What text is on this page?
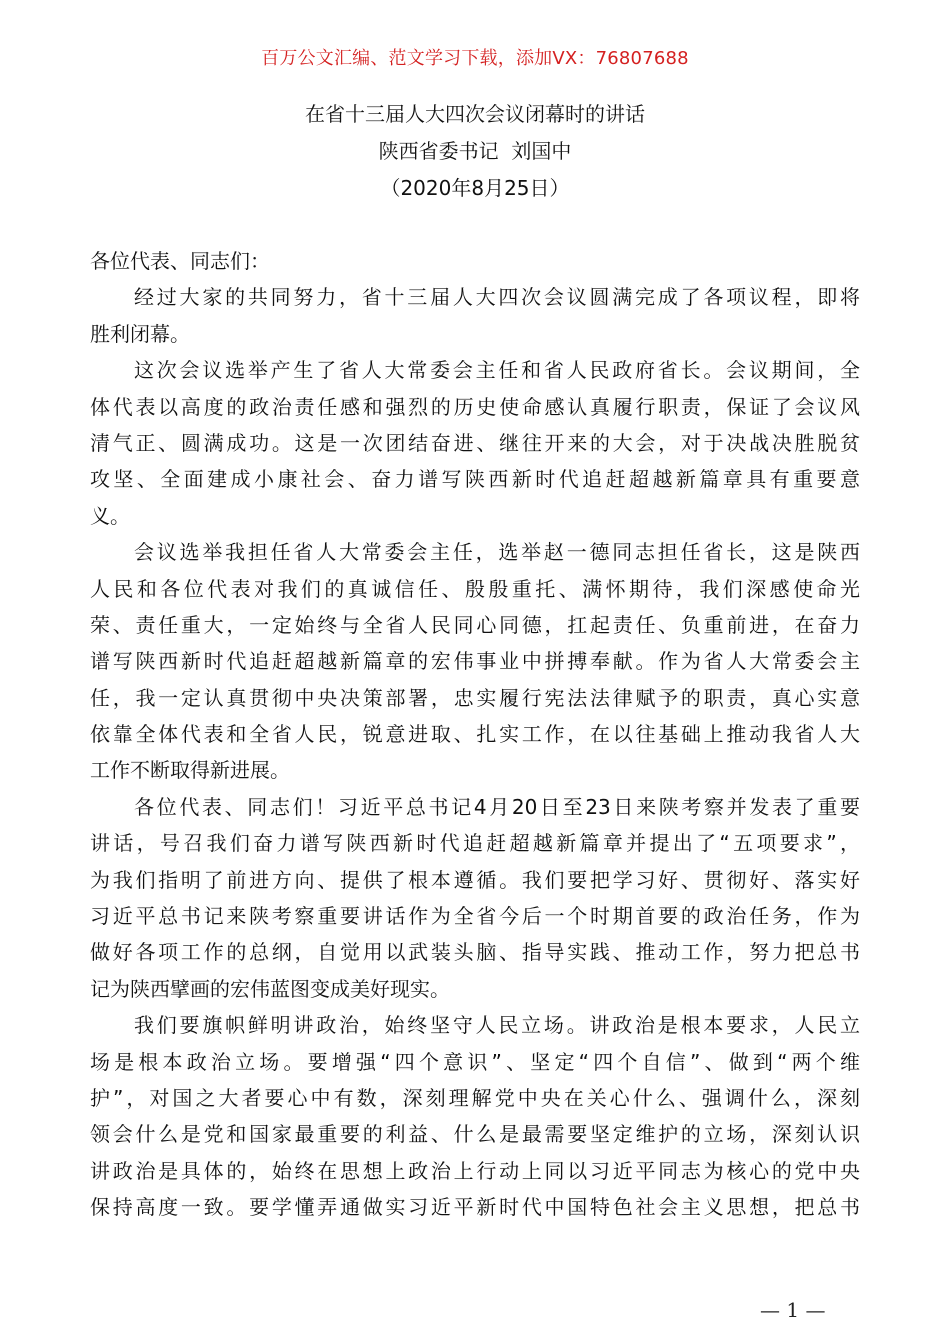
百万公文汇编、范文学习下载，添加VX：76807688
在省十三届人大四次会议闭幕时的讲话
陕西省委书记  刘国中
（2020年8月25日）
各位代表、同志们：
经过大家的共同努力，省十三届人大四次会议圆满完成了各项议程，即将
胜利闭幕。
这次会议选举产生了省人大常委会主任和省人民政府省长。会议期间，全
体代表以高度的政治责任感和强烈的历史使命感认真履行职责，保证了会议风
清气正、圆满成功。这是一次团结奋进、继往开来的大会，对于决战决胜脱贫
攻坚、全面建成小康社会、奋力谱写陕西新时代追赶超越新篇章具有重要意
义。
会议选举我担任省人大常委会主任，选举赵一德同志担任省长，这是陕西
人民和各位代表对我们的真诚信任、殷殷重托、满怀期待，我们深感使命光
荣、责任重大，一定始终与全省人民同心同德，扛起责任、负重前进，在奋力
谱写陕西新时代追赶超越新篇章的宏伟事业中拼搏奉献。作为省人大常委会主
任，我一定认真贯彻中央决策部署，忠实履行宪法法律赋予的职责，真心实意
依靠全体代表和全省人民，锐意进取、扎实工作，在以往基础上推动我省人大
工作不断取得新进展。
各位代表、同志们！习近平总书记4月20日至23日来陕考察并发表了重要
讲话，号召我们奋力谱写陕西新时代追赶超越新篇章并提出了“五项要求”，
为我们指明了前进方向、提供了根本遵循。我们要把学习好、贯彻好、落实好
习近平总书记来陕考察重要讲话作为全省今后一个时期首要的政治任务，作为
做好各项工作的总纲，自觉用以武装头脑、指导实践、推动工作，努力把总书
记为陕西擘画的宏伟蓝图变成美好现实。
我们要旗帜鲜明讲政治，始终坚守人民立场。讲政治是根本要求，人民立
场是根本政治立场。要增强“四个意识”、坚定“四个自信”、做到“两个维
护”，对国之大者要心中有数，深刻理解党中央在关心什么、强调什么，深刻
领会什么是党和国家最重要的利益、什么是最需要坚定维护的立场，深刻认识
讲政治是具体的，始终在思想上政治上行动上同以习近平同志为核心的党中央
保持高度一致。要学懂弄通做实习近平新时代中国特色社会主义思想，把总书
— 1 —
